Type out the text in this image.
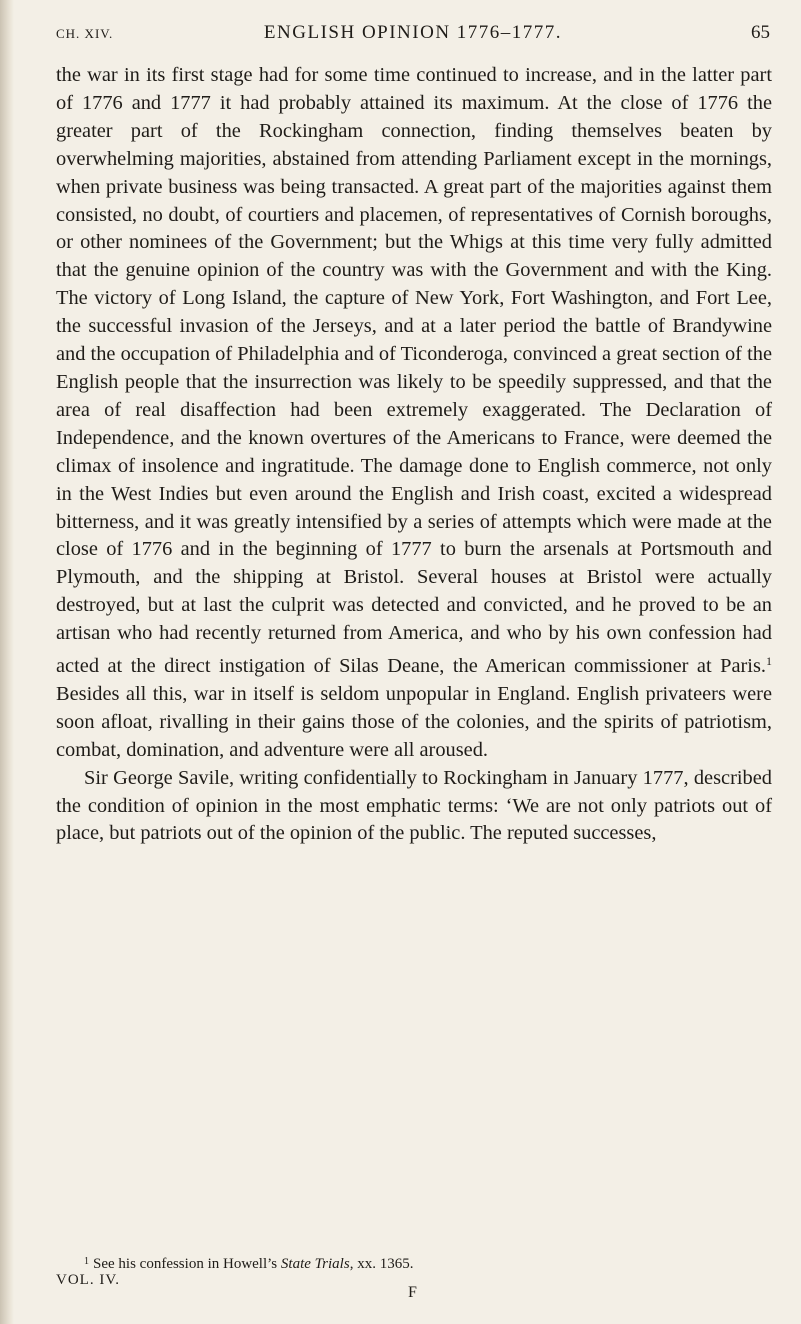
CH. XIV.	ENGLISH OPINION 1776–1777.	65

the war in its first stage had for some time continued to increase, and in the latter part of 1776 and 1777 it had probably attained its maximum. At the close of 1776 the greater part of the Rockingham connection, finding themselves beaten by overwhelming majorities, abstained from attending Parliament except in the mornings, when private business was being transacted. A great part of the majorities against them consisted, no doubt, of courtiers and placemen, of representatives of Cornish boroughs, or other nominees of the Government; but the Whigs at this time very fully admitted that the genuine opinion of the country was with the Government and with the King. The victory of Long Island, the capture of New York, Fort Washington, and Fort Lee, the successful invasion of the Jerseys, and at a later period the battle of Brandywine and the occupation of Philadelphia and of Ticonderoga, convinced a great section of the English people that the insurrection was likely to be speedily suppressed, and that the area of real disaffection had been extremely exaggerated. The Declaration of Independence, and the known overtures of the Americans to France, were deemed the climax of insolence and ingratitude. The damage done to English commerce, not only in the West Indies but even around the English and Irish coast, excited a widespread bitterness, and it was greatly intensified by a series of attempts which were made at the close of 1776 and in the beginning of 1777 to burn the arsenals at Portsmouth and Plymouth, and the shipping at Bristol. Several houses at Bristol were actually destroyed, but at last the culprit was detected and convicted, and he proved to be an artisan who had recently returned from America, and who by his own confession had acted at the direct instigation of Silas Deane, the American commissioner at Paris.$^1$ Besides all this, war in itself is seldom unpopular in England. English privateers were soon afloat, rivalling in their gains those of the colonies, and the spirits of patriotism, combat, domination, and adventure were all aroused.

Sir George Savile, writing confidentially to Rockingham in January 1777, described the condition of opinion in the most emphatic terms: ‘We are not only patriots out of place, but patriots out of the opinion of the public. The reputed successes,

$^1$ See his confession in Howell’s State Trials, xx. 1365.
VOL. IV.
F
